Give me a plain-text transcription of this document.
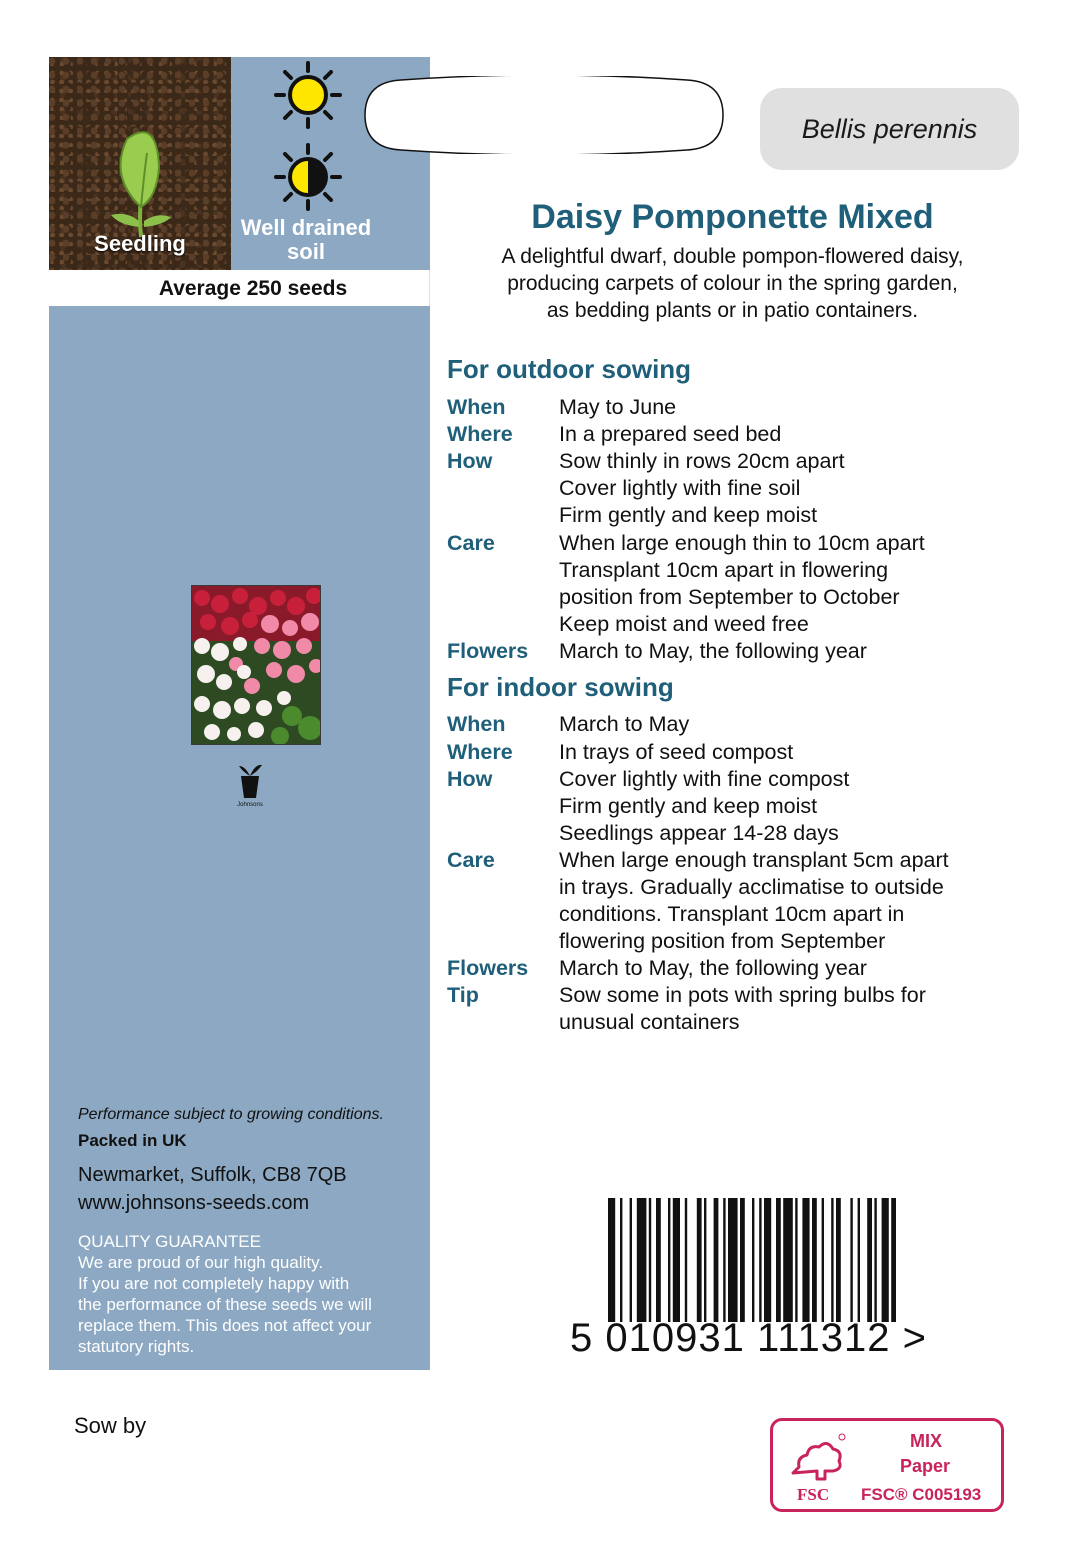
Seedling
Well drained
soil
Average 250 seeds
Johnsons
Performance subject to growing conditions.
Packed in UK
Newmarket, Suffolk, CB8 7QB
www.johnsons-seeds.com
QUALITY GUARANTEE
We are proud of our high quality.
If you are not completely happy with
the performance of these seeds we will
replace them. This does not affect your
statutory rights.
Sow by
Bellis perennis
Daisy Pomponette Mixed
A delightful dwarf, double pompon-flowered daisy,
producing carpets of colour in the spring garden,
as bedding plants or in patio containers.
For outdoor sowing
When May to June
Where In a prepared seed bed
How	Sow thinly in rows 20cm apart
Cover lightly with fine soil
Firm gently and keep moist
Care	When large enough thin to 10cm apart
Transplant 10cm apart in flowering
position from September to October
Keep moist and weed free
Flowers March to May, the following year
For indoor sowing
When March to May
Where In trays of seed compost
How	Cover lightly with fine compost
Firm gently and keep moist
Seedlings appear 14-28 days
Care	When large enough transplant 5cm apart
in trays. Gradually acclimatise to outside
conditions. Transplant 10cm apart in
flowering position from September
Flowers March to May, the following year
Tip	Sow some in pots with spring bulbs for
unusual containers
5 010931 111312 >
FSC
MIX
Paper
FSC® C005193
